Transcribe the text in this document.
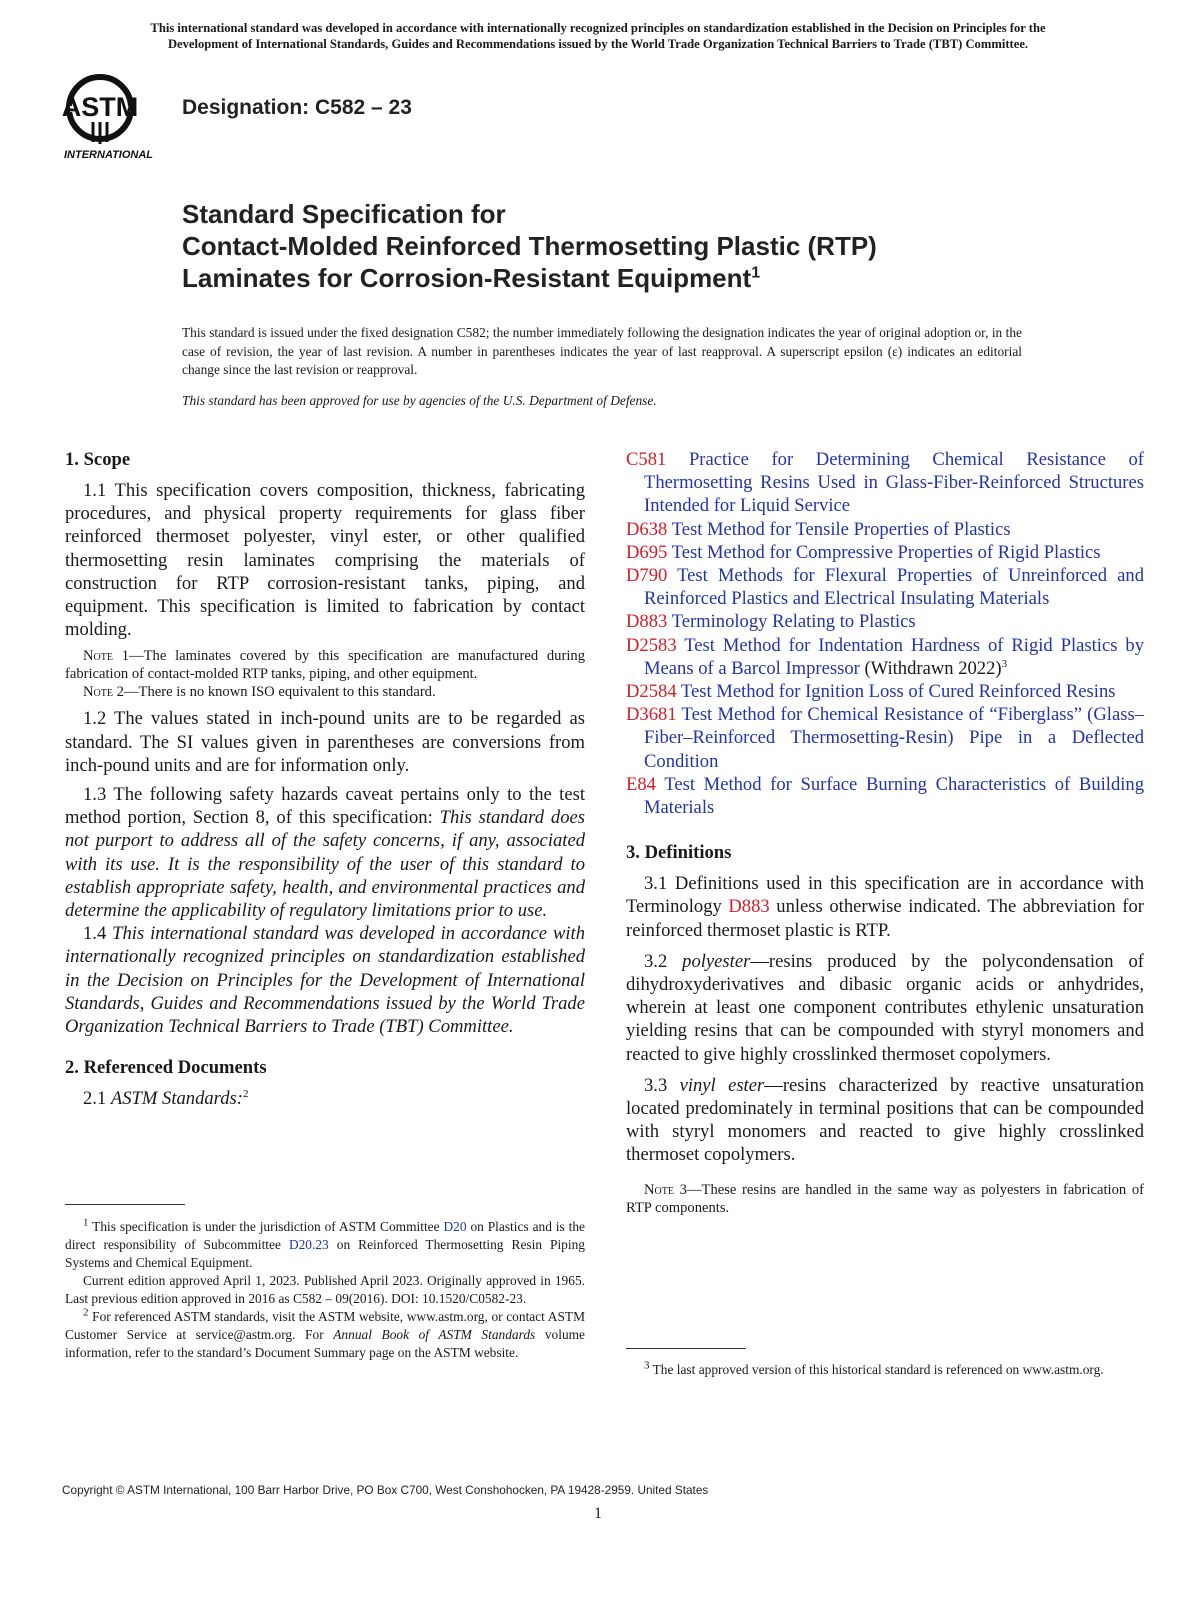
This international standard was developed in accordance with internationally recognized principles on standardization established in the Decision on Principles for the
Development of International Standards, Guides and Recommendations issued by the World Trade Organization Technical Barriers to Trade (TBT) Committee.
ASTM
INTERNATIONAL
Designation: C582 – 23
Standard Specification for
Contact-Molded Reinforced Thermosetting Plastic (RTP)
Laminates for Corrosion-Resistant Equipment$^1$
This standard is issued under the fixed designation C582; the number immediately following the designation indicates the year of original adoption or, in the case of revision, the year of last revision. A number in parentheses indicates the year of last reapproval. A superscript epsilon (ε) indicates an editorial change since the last revision or reapproval.
This standard has been approved for use by agencies of the U.S. Department of Defense.
1. Scope

1.1 This specification covers composition, thickness, fabricating procedures, and physical property requirements for glass fiber reinforced thermoset polyester, vinyl ester, or other qualified thermosetting resin laminates comprising the materials of construction for RTP corrosion-resistant tanks, piping, and equipment. This specification is limited to fabrication by contact molding.

Note 1—The laminates covered by this specification are manufactured during fabrication of contact-molded RTP tanks, piping, and other equipment.

Note 2—There is no known ISO equivalent to this standard.

1.2 The values stated in inch-pound units are to be regarded as standard. The SI values given in parentheses are conversions from inch-pound units and are for information only.

1.3 The following safety hazards caveat pertains only to the test method portion, Section 8, of this specification: This standard does not purport to address all of the safety concerns, if any, associated with its use. It is the responsibility of the user of this standard to establish appropriate safety, health, and environmental practices and determine the applicability of regulatory limitations prior to use.

1.4 This international standard was developed in accordance with internationally recognized principles on standardization established in the Decision on Principles for the Development of International Standards, Guides and Recommendations issued by the World Trade Organization Technical Barriers to Trade (TBT) Committee.

2. Referenced Documents

2.1 ASTM Standards:$^2$

C581 Practice for Determining Chemical Resistance of Thermosetting Resins Used in Glass-Fiber-Reinforced Structures Intended for Liquid Service

D638 Test Method for Tensile Properties of Plastics

D695 Test Method for Compressive Properties of Rigid Plastics

D790 Test Methods for Flexural Properties of Unreinforced and Reinforced Plastics and Electrical Insulating Materials

D883 Terminology Relating to Plastics

D2583 Test Method for Indentation Hardness of Rigid Plastics by Means of a Barcol Impressor (Withdrawn 2022)$^3$

D2584 Test Method for Ignition Loss of Cured Reinforced Resins

D3681 Test Method for Chemical Resistance of “Fiberglass” (Glass–Fiber–Reinforced Thermosetting-Resin) Pipe in a Deflected Condition

E84 Test Method for Surface Burning Characteristics of Building Materials

3. Definitions

3.1 Definitions used in this specification are in accordance with Terminology D883 unless otherwise indicated. The abbreviation for reinforced thermoset plastic is RTP.

3.2 polyester—resins produced by the polycondensation of dihydroxyderivatives and dibasic organic acids or anhydrides, wherein at least one component contributes ethylenic unsaturation yielding resins that can be compounded with styryl monomers and reacted to give highly crosslinked thermoset copolymers.

3.3 vinyl ester—resins characterized by reactive unsaturation located predominately in terminal positions that can be compounded with styryl monomers and reacted to give highly crosslinked thermoset copolymers.

Note 3—These resins are handled in the same way as polyesters in fabrication of RTP components.

$^1$ This specification is under the jurisdiction of ASTM Committee D20 on Plastics and is the direct responsibility of Subcommittee D20.23 on Reinforced Thermosetting Resin Piping Systems and Chemical Equipment.

Current edition approved April 1, 2023. Published April 2023. Originally approved in 1965. Last previous edition approved in 2016 as C582 – 09(2016). DOI: 10.1520/C0582-23.

$^2$ For referenced ASTM standards, visit the ASTM website, www.astm.org, or contact ASTM Customer Service at service@astm.org. For Annual Book of ASTM Standards volume information, refer to the standard’s Document Summary page on the ASTM website.

$^3$ The last approved version of this historical standard is referenced on www.astm.org.

Copyright © ASTM International, 100 Barr Harbor Drive, PO Box C700, West Conshohocken, PA 19428-2959. United States
1
